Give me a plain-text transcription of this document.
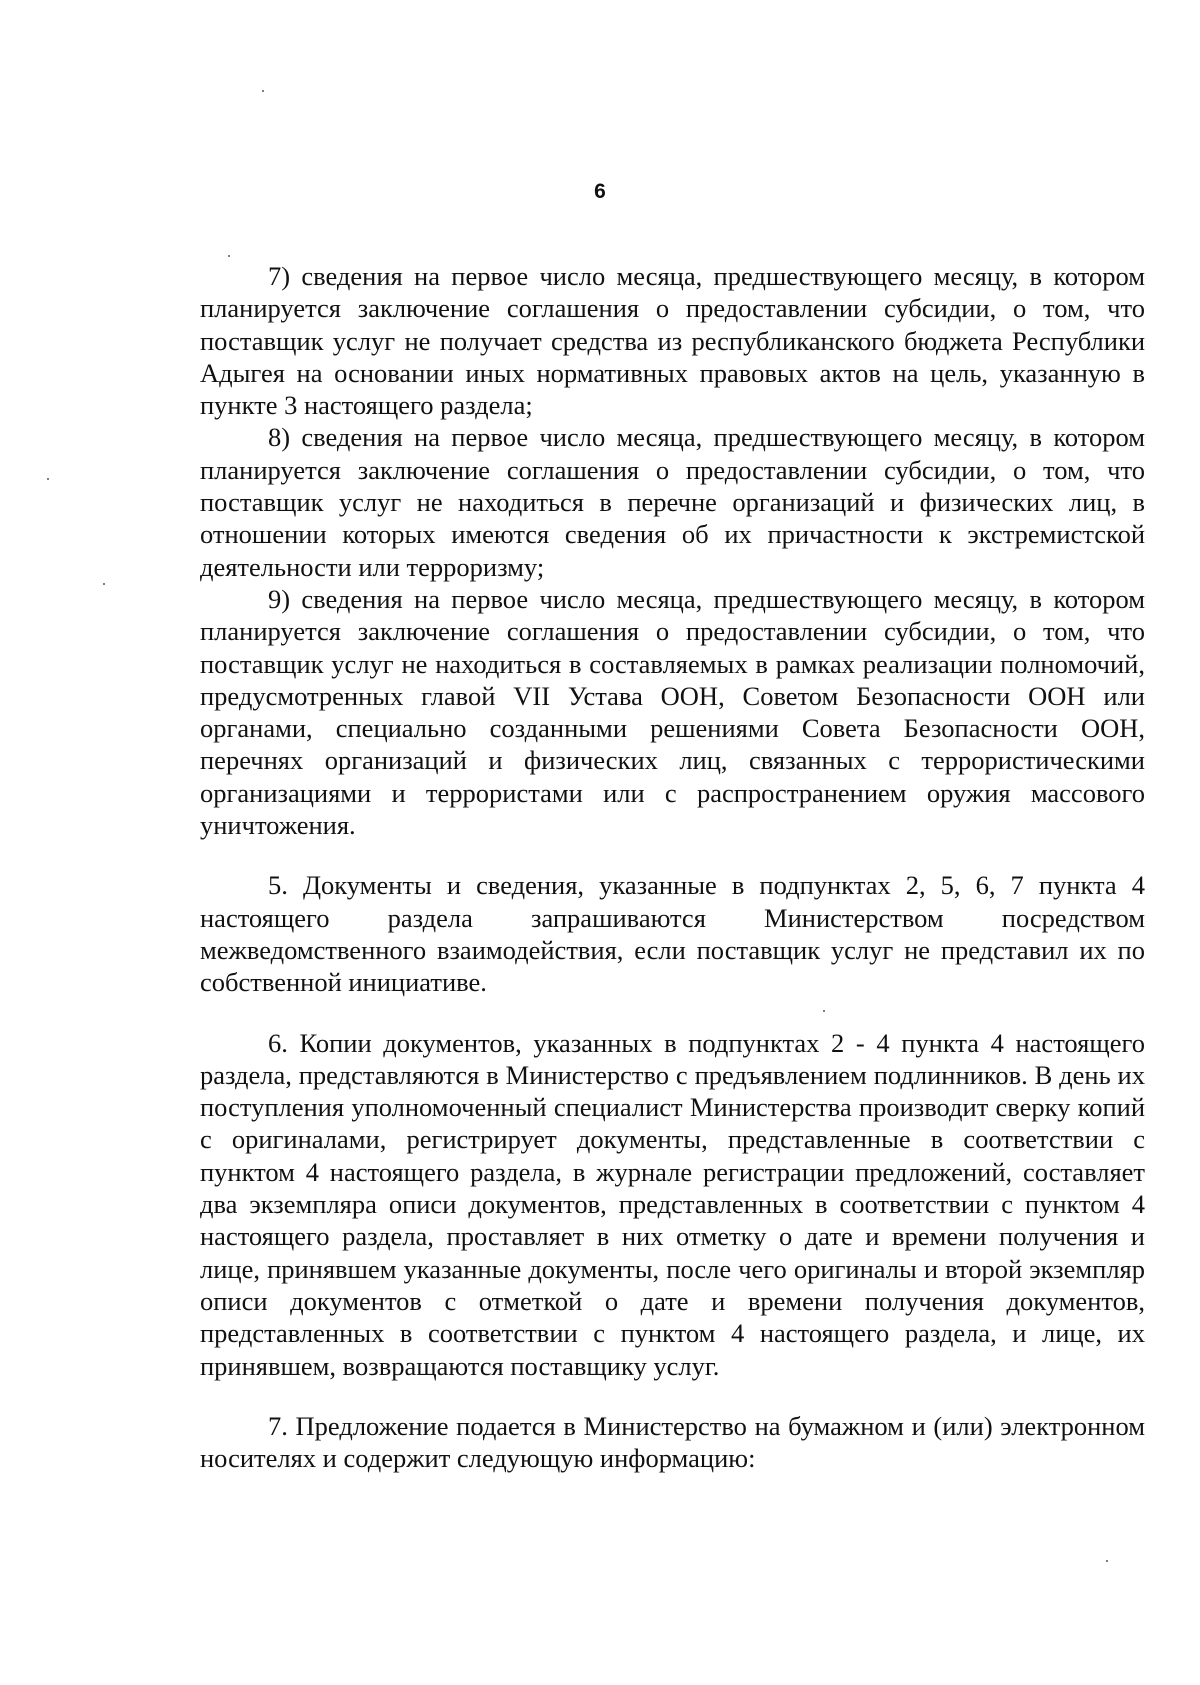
6

7) сведения на первое число месяца, предшествующего месяцу, в котором планируется заключение соглашения о предоставлении субсидии, о том, что поставщик услуг не получает средства из республиканского бюджета Республики Адыгея на основании иных нормативных правовых актов на цель, указанную в пункте 3 настоящего раздела;

8) сведения на первое число месяца, предшествующего месяцу, в котором планируется заключение соглашения о предоставлении субсидии, о том, что поставщик услуг не находиться в перечне организаций и физических лиц, в отношении которых имеются сведения об их причастности к экстремистской деятельности или терроризму;

9) сведения на первое число месяца, предшествующего месяцу, в котором планируется заключение соглашения о предоставлении субсидии, о том, что поставщик услуг не находиться в составляемых в рамках реализации полномочий, предусмотренных главой VII Устава ООН, Советом Безопасности ООН или органами, специально созданными решениями Совета Безопасности ООН, перечнях организаций и физических лиц, связанных с террористическими организациями и террористами или с распространением оружия массового уничтожения.

5. Документы и сведения, указанные в подпунктах 2, 5, 6, 7 пункта 4 настоящего раздела запрашиваются Министерством посредством межведомственного взаимодействия, если поставщик услуг не представил их по собственной инициативе.

6. Копии документов, указанных в подпунктах 2 - 4 пункта 4 настоящего раздела, представляются в Министерство с предъявлением подлинников. В день их поступления уполномоченный специалист Министерства производит сверку копий с оригиналами, регистрирует документы, представленные в соответствии с пунктом 4 настоящего раздела, в журнале регистрации предложений, составляет два экземпляра описи документов, представленных в соответствии с пунктом 4 настоящего раздела, проставляет в них отметку о дате и времени получения и лице, принявшем указанные документы, после чего оригиналы и второй экземпляр описи документов с отметкой о дате и времени получения документов, представленных в соответствии с пунктом 4 настоящего раздела, и лице, их принявшем, возвращаются поставщику услуг.

7. Предложение подается в Министерство на бумажном и (или) электронном носителях и содержит следующую информацию:
